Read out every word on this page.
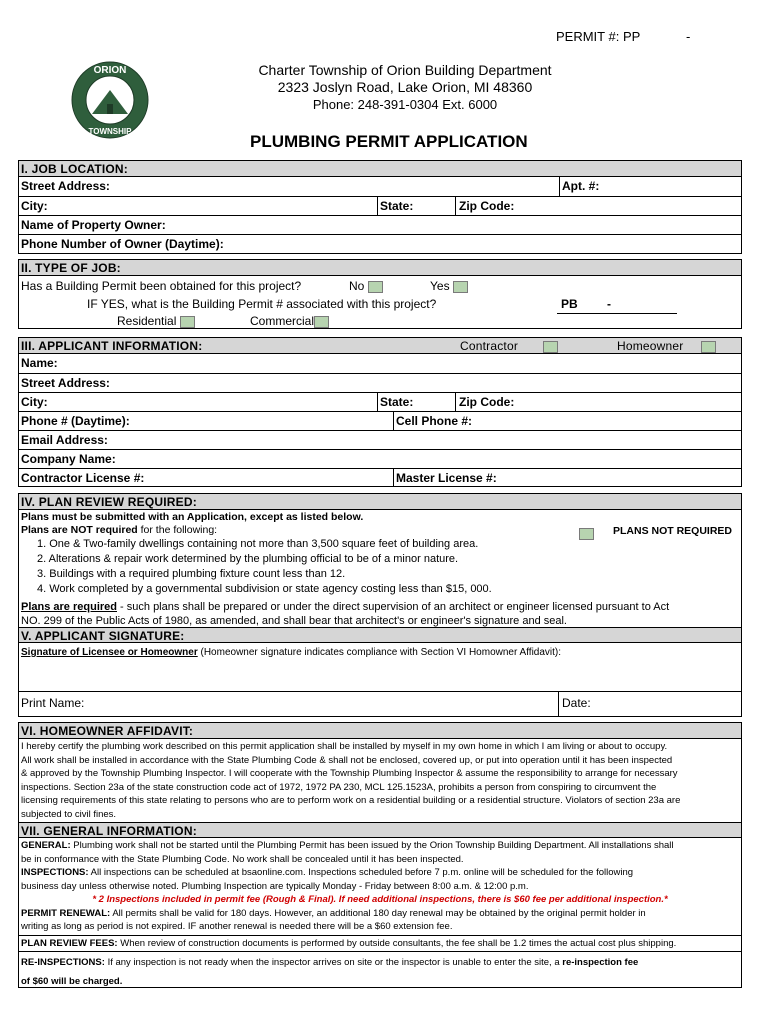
PERMIT #: PP	-
ORION
TOWNSHIP
Charter Township of Orion Building Department
2323 Joslyn Road, Lake Orion, MI 48360
Phone: 248-391-0304 Ext. 6000
PLUMBING PERMIT APPLICATION
I. JOB LOCATION:
Street Address:	Apt. #:
City:	State:	Zip Code:
Name of Property Owner:
Phone Number of Owner (Daytime):
II. TYPE OF JOB:
Has a Building Permit been obtained for this project?	No	Yes
IF YES, what is the Building Permit # associated with this project?	PB -
Residential	Commercial
III. APPLICANT INFORMATION:	Contractor	Homeowner
Name:
Street Address:
City:	State:	Zip Code:
Phone # (Daytime):	Cell Phone #:
Email Address:
Company Name:
Contractor License #:	Master License #:
IV. PLAN REVIEW REQUIRED:
Plans must be submitted with an Application, except as listed below.
Plans are NOT required for the following:	PLANS NOT REQUIRED
1. One & Two-family dwellings containing not more than 3,500 square feet of building area.
2. Alterations & repair work determined by the plumbing official to be of a minor nature.
3. Buildings with a required plumbing fixture count less than 12.
4. Work completed by a governmental subdivision or state agency costing less than $15, 000.
Plans are required - such plans shall be prepared or under the direct supervision of an architect or engineer licensed pursuant to Act
NO. 299 of the Public Acts of 1980, as amended, and shall bear that architect's or engineer's signature and seal.
V. APPLICANT SIGNATURE:
Signature of Licensee or Homeowner (Homeowner signature indicates compliance with Section VI Homowner Affidavit):
Print Name:	Date:
VI. HOMEOWNER AFFIDAVIT:
I hereby certify the plumbing work described on this permit application shall be installed by myself in my own home in which I am living or about to occupy.
All work shall be installed in accordance with the State Plumbing Code & shall not be enclosed, covered up, or put into operation until it has been inspected
& approved by the Township Plumbing Inspector. I will cooperate with the Township Plumbing Inspector & assume the responsibility to arrange for necessary
inspections. Section 23a of the state construction code act of 1972, 1972 PA 230, MCL 125.1523A, prohibits a person from conspiring to circumvent the
licensing requirements of this state relating to persons who are to perform work on a residential building or a residential structure. Violators of section 23a are
subjected to civil fines.
VII. GENERAL INFORMATION:
GENERAL: Plumbing work shall not be started until the Plumbing Permit has been issued by the Orion Township Building Department. All installations shall
be in conformance with the State Plumbing Code. No work shall be concealed until it has been inspected.
INSPECTIONS: All inspections can be scheduled at bsaonline.com. Inspections scheduled before 7 p.m. online will be scheduled for the following
business day unless otherwise noted. Plumbing Inspection are typically Monday - Friday between 8:00 a.m. & 12:00 p.m.
* 2 Inspections included in permit fee (Rough & Final). If need additional inspections, there is $60 fee per additional inspection.*
PERMIT RENEWAL: All permits shall be valid for 180 days. However, an additional 180 day renewal may be obtained by the original permit holder in
writing as long as period is not expired. IF another renewal is needed there will be a $60 extension fee.
PLAN REVIEW FEES: When review of construction documents is performed by outside consultants, the fee shall be 1.2 times the actual cost plus shipping.
RE-INSPECTIONS: If any inspection is not ready when the inspector arrives on site or the inspector is unable to enter the site, a re-inspection fee
of $60 will be charged.
